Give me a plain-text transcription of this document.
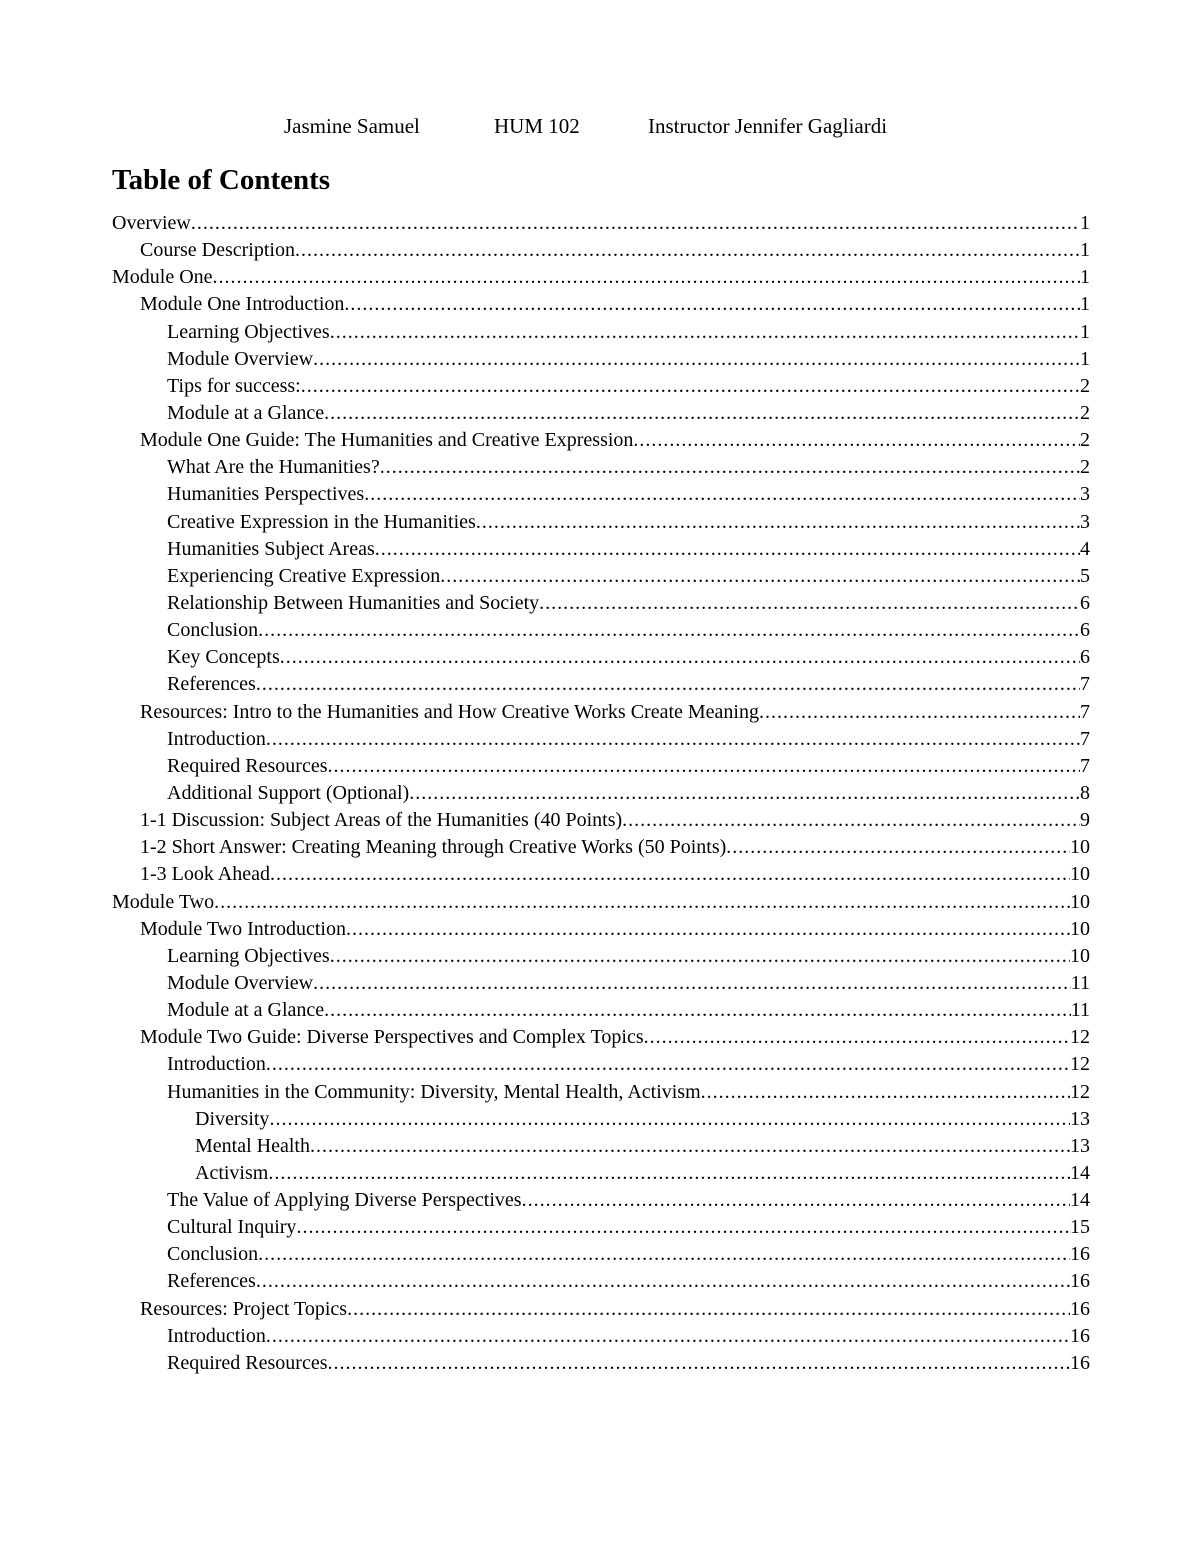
Jasmine Samuel	HUM 102	Instructor Jennifer Gagliardi
Table of Contents
Overview .....	1
Course Description .....	1
Module One .....	1
Module One Introduction .....	1
Learning Objectives .....	1
Module Overview .....	1
Tips for success: .....	2
Module at a Glance .....	2
Module One Guide: The Humanities and Creative Expression .....	2
What Are the Humanities? .....	2
Humanities Perspectives .....	3
Creative Expression in the Humanities .....	3
Humanities Subject Areas .....	4
Experiencing Creative Expression .....	5
Relationship Between Humanities and Society .....	6
Conclusion .....	6
Key Concepts .....	6
References .....	7
Resources: Intro to the Humanities and How Creative Works Create Meaning .....	7
Introduction .....	7
Required Resources .....	7
Additional Support (Optional) .....	8
1-1 Discussion: Subject Areas of the Humanities (40 Points) .....	9
1-2 Short Answer: Creating Meaning through Creative Works (50 Points) .....	10
1-3 Look Ahead .....	10
Module Two .....	10
Module Two Introduction .....	10
Learning Objectives .....	10
Module Overview .....	11
Module at a Glance .....	11
Module Two Guide: Diverse Perspectives and Complex Topics .....	12
Introduction .....	12
Humanities in the Community: Diversity, Mental Health, Activism .....	12
Diversity .....	13
Mental Health .....	13
Activism .....	14
The Value of Applying Diverse Perspectives .....	14
Cultural Inquiry .....	15
Conclusion .....	16
References .....	16
Resources: Project Topics .....	16
Introduction .....	16
Required Resources .....	16
